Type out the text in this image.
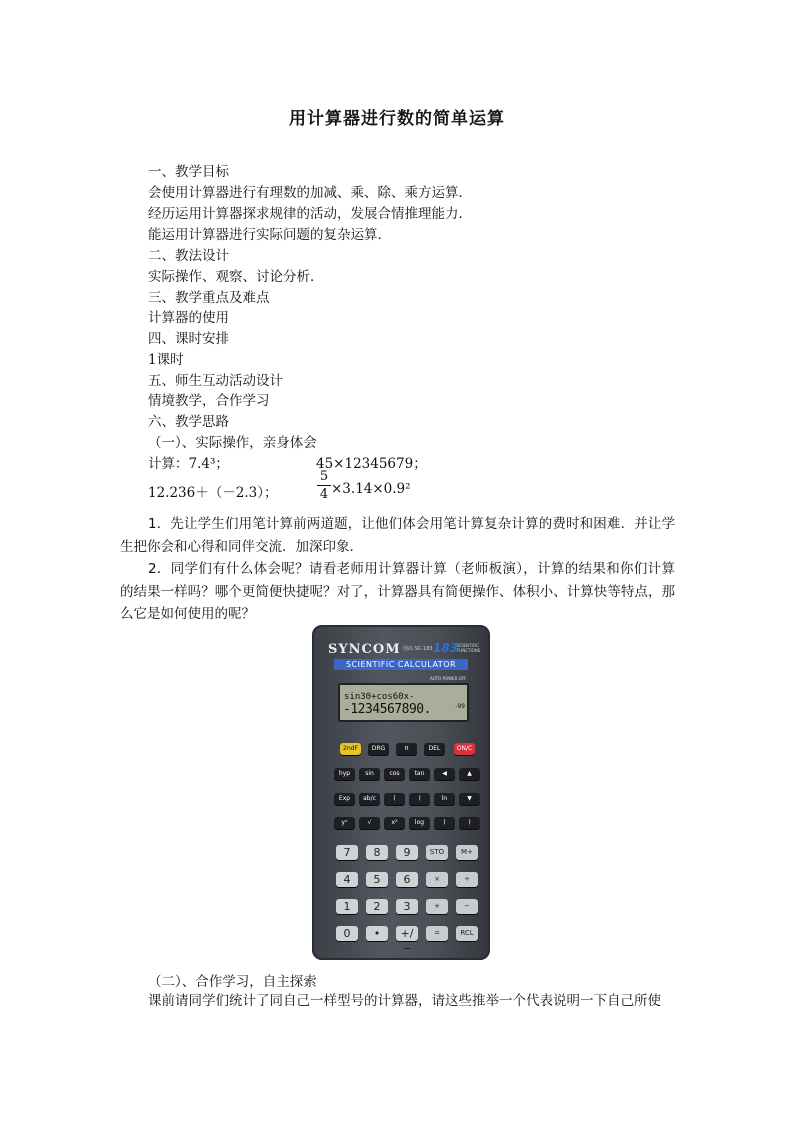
用计算器进行数的简单运算
一、教学目标
会使用计算器进行有理数的加减、乘、除、乘方运算．
经历运用计算器探求规律的活动，发展合情推理能力．
能运用计算器进行实际问题的复杂运算．
二、教法设计
实际操作、观察、讨论分析．
三、教学重点及难点
计算器的使用
四、课时安排
1课时
五、师生互动活动设计
情境教学，合作学习
六、教学思路
（一）、实际操作，亲身体会
计算：7.4³；	45×12345679；
12.236＋（－2.3）；
5
4 ×3.14×0.9²
1．先让学生们用笔计算前两道题，让他们体会用笔计算复杂计算的费时和困难．并让学生把你会和心得和同伴交流．加深印象．
2．同学们有什么体会呢？请看老师用计算器计算（老师板演），计算的结果和你们计算的结果一样吗？哪个更简便快捷呢？对了，计算器具有简便操作、体积小、计算快等特点，那么它是如何使用的呢？
SYNCOM 创高 SC-183 183
SCIENTIFIC FUNCTIONS
SCIENTIFIC CALCULATOR
AUTO POWER OFF
sin30+cos60x-
-1234567890.	-99
2ndF	DRG	π	DEL	ON/C
hyp	sin	cos	tan	◀	▲
Exp	ab/c	(	)	ln	▼
yˣ	√	x²	log	(	)
7	8	9	STO	M+
4	5	6	×	÷
1	2	3	+	−
0	•	+/−
=	RCL
（二）、合作学习，自主探索
课前请同学们统计了同自己一样型号的计算器，请这些推举一个代表说明一下自己所使
